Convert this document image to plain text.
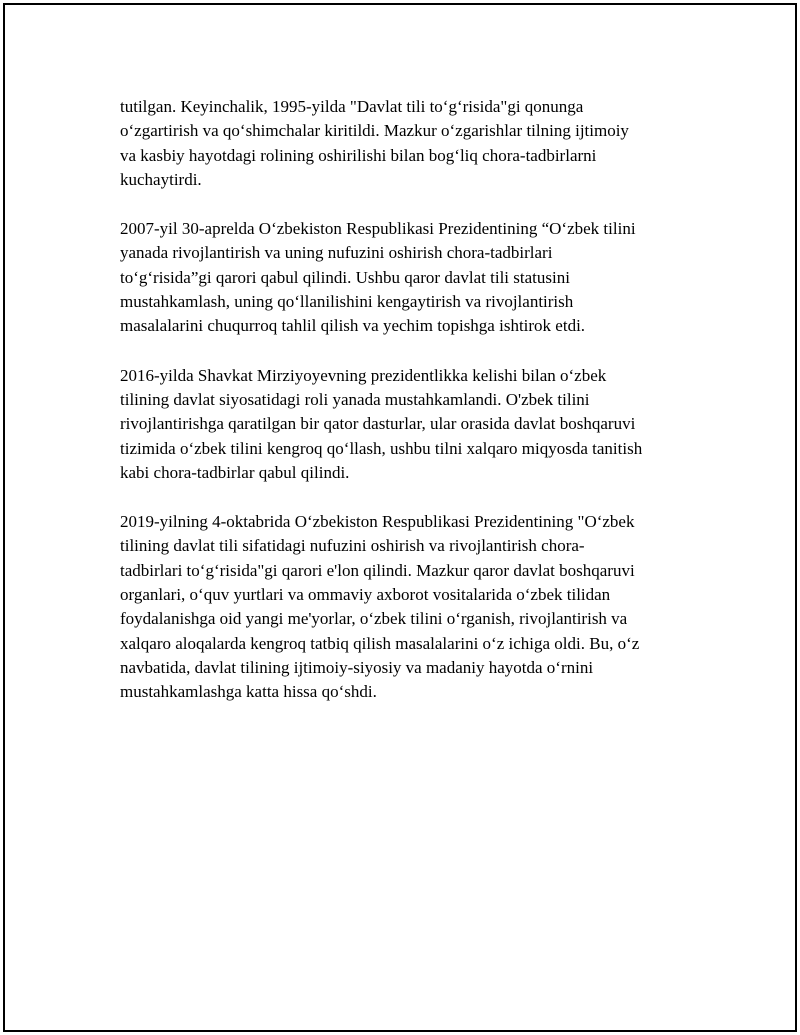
tutilgan. Keyinchalik, 1995-yilda "Davlat tili to‘g‘risida"gi qonunga
o‘zgartirish va qo‘shimchalar kiritildi. Mazkur o‘zgarishlar tilning ijtimoiy
va kasbiy hayotdagi rolining oshirilishi bilan bog‘liq chora-tadbirlarni
kuchaytirdi.

2007-yil 30-aprelda O‘zbekiston Respublikasi Prezidentining “O‘zbek tilini
yanada rivojlantirish va uning nufuzini oshirish chora-tadbirlari
to‘g‘risida”gi qarori qabul qilindi. Ushbu qaror davlat tili statusini
mustahkamlash, uning qo‘llanilishini kengaytirish va rivojlantirish
masalalarini chuqurroq tahlil qilish va yechim topishga ishtirok etdi.

2016-yilda Shavkat Mirziyoyevning prezidentlikka kelishi bilan o‘zbek
tilining davlat siyosatidagi roli yanada mustahkamlandi. O'zbek tilini
rivojlantirishga qaratilgan bir qator dasturlar, ular orasida davlat boshqaruvi
tizimida o‘zbek tilini kengroq qo‘llash, ushbu tilni xalqaro miqyosda tanitish
kabi chora-tadbirlar qabul qilindi.

2019-yilning 4-oktabrida O‘zbekiston Respublikasi Prezidentining "O‘zbek
tilining davlat tili sifatidagi nufuzini oshirish va rivojlantirish chora-
tadbirlari to‘g‘risida"gi qarori e'lon qilindi. Mazkur qaror davlat boshqaruvi
organlari, o‘quv yurtlari va ommaviy axborot vositalarida o‘zbek tilidan
foydalanishga oid yangi me'yorlar, o‘zbek tilini o‘rganish, rivojlantirish va
xalqaro aloqalarda kengroq tatbiq qilish masalalarini o‘z ichiga oldi. Bu, o‘z
navbatida, davlat tilining ijtimoiy-siyosiy va madaniy hayotda o‘rnini
mustahkamlashga katta hissa qo‘shdi.
